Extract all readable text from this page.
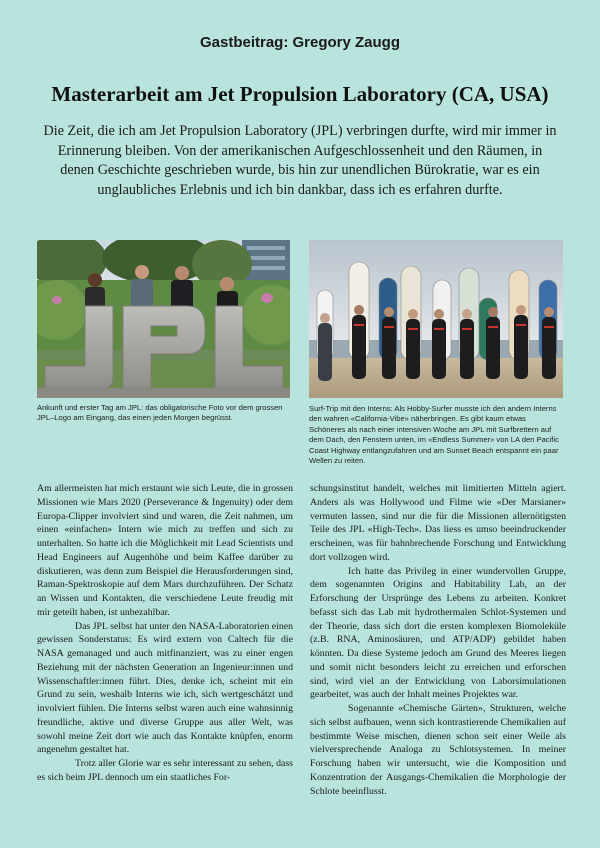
Gastbeitrag: Gregory Zaugg
Masterarbeit am Jet Propulsion Laboratory (CA, USA)
Die Zeit, die ich am Jet Propulsion Laboratory (JPL) verbringen durfte, wird mir immer in Erinnerung bleiben. Von der amerikanischen Aufgeschlossenheit und den Räumen, in denen Geschichte geschrieben wurde, bis hin zur unendlichen Bürokratie, war es ein unglaubliches Erlebnis und ich bin dankbar, dass ich es erfahren durfte.
Ankunft und erster Tag am JPL: das obligatorische Foto vor dem grossen JPL–Logo am Eingang, das einen jeden Morgen begrüsst.
Surf-Trip mit den Interns: Als Hobby-Surfer musste ich den andern Interns den wahren «California-Vibe» näherbringen. Es gibt kaum etwas Schöneres als nach einer intensiven Woche am JPL mit Surfbrettern auf dem Dach, den Fenstern unten, im «Endless Summer» von LA den Pacific Coast Highway entlangzufahren und am Sunset Beach entspannt ein paar Wellen zu reiten.

Am allermeisten hat mich erstaunt wie sich Leute, die in grossen Missionen wie Mars 2020 (Perseverance & Ingenuity) oder dem Europa-Clipper involviert sind und waren, die Zeit nahmen, um einen «einfachen» Intern wie mich zu treffen und sich zu unterhalten. So hatte ich die Möglichkeit mit Lead Scientists und Head Engineers auf Augenhöhe und beim Kaffee darüber zu diskutieren, was denn zum Beispiel die Herausforderungen sind, Raman-Spektroskopie auf dem Mars durchzuführen. Der Schatz an Wissen und Kontakten, die verschiedene Leute freudig mit mir geteilt haben, ist unbezahlbar.

Das JPL selbst hat unter den NASA-Laboratorien einen gewissen Sonderstatus: Es wird extern von Caltech für die NASA gemanaged und auch mitfinanziert, was zu einer engen Beziehung mit der nächsten Generation an Ingenieur:innen und Wissenschaftler:innen führt. Dies, denke ich, scheint mit ein Grund zu sein, weshalb Interns wie ich, sich wertgeschätzt und involviert fühlen. Die Interns selbst waren auch eine wahnsinnig freundliche, aktive und diverse Gruppe aus aller Welt, was sowohl meine Zeit dort wie auch das Kontakte knüpfen, enorm angenehm gestaltet hat.

Trotz aller Glorie war es sehr interessant zu sehen, dass es sich beim JPL dennoch um ein staatliches For-

schungsinstitut handelt, welches mit limitierten Mitteln agiert. Anders als was Hollywood und Filme wie «Der Marsianer» vermuten lassen, sind nur die für die Missionen allernötigsten Teile des JPL «High-Tech». Das liess es umso beeindruckender erscheinen, was für bahnbrechende Forschung und Entwicklung dort vollzogen wird.

Ich hatte das Privileg in einer wundervollen Gruppe, dem sogenannten Origins and Habitability Lab, an der Erforschung der Ursprünge des Lebens zu arbeiten. Konkret befasst sich das Lab mit hydrothermalen Schlot-Systemen und der Theorie, dass sich dort die ersten komplexen Biomoleküle (z.B. RNA, Aminosäuren, und ATP/ADP) gebildet haben könnten. Da diese Systeme jedoch am Grund des Meeres liegen und somit nicht besonders leicht zu erreichen und erforschen sind, wird viel an der Entwicklung von Laborsimulationen gearbeitet, was auch der Inhalt meines Projektes war.

Sogenannte «Chemische Gärten», Strukturen, welche sich selbst aufbauen, wenn sich kontrastierende Chemikalien auf bestimmte Weise mischen, dienen schon seit einer Weile als vielversprechende Analoga zu Schlotsystemen. In meiner Forschung haben wir untersucht, wie die Komposition und Konzentration der Ausgangs-Chemikalien die Morphologie der Schlote beeinflusst.
